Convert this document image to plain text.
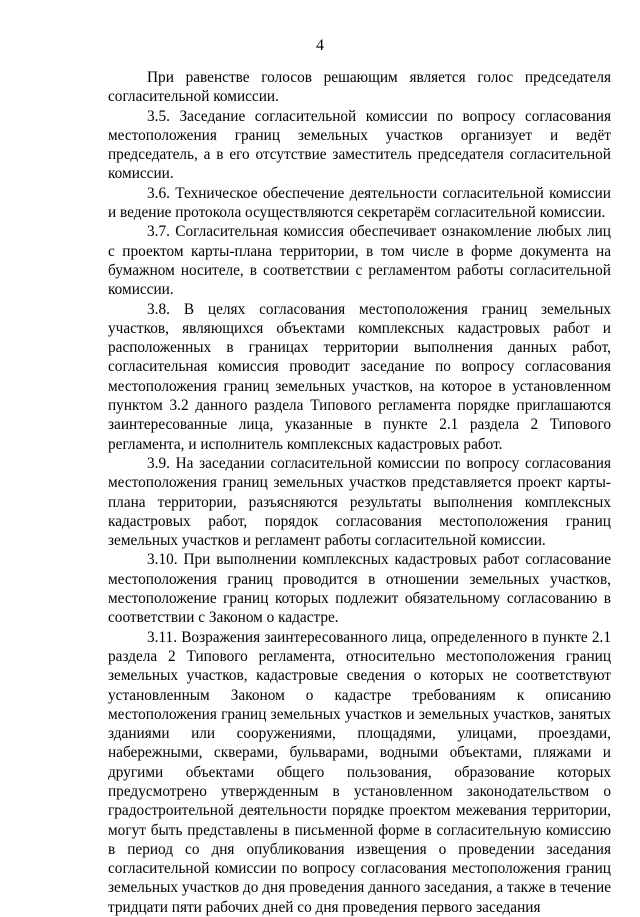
4

При равенстве голосов решающим является голос председателя согласительной комиссии.

3.5. Заседание согласительной комиссии по вопросу согласования местоположения границ земельных участков организует и ведёт председатель, а в его отсутствие заместитель председателя согласительной комиссии.

3.6. Техническое обеспечение деятельности согласительной комиссии и ведение протокола осуществляются секретарём согласительной комиссии.

3.7. Согласительная комиссия обеспечивает ознакомление любых лиц с проектом карты-плана территории, в том числе в форме документа на бумажном носителе, в соответствии с регламентом работы согласительной комиссии.

3.8. В целях согласования местоположения границ земельных участков, являющихся объектами комплексных кадастровых работ и расположенных в границах территории выполнения данных работ, согласительная комиссия проводит заседание по вопросу согласования местоположения границ земельных участков, на которое в установленном пунктом 3.2 данного раздела Типового регламента порядке приглашаются заинтересованные лица, указанные в пункте 2.1 раздела 2 Типового регламента, и исполнитель комплексных кадастровых работ.

3.9. На заседании согласительной комиссии по вопросу согласования местоположения границ земельных участков представляется проект карты-плана территории, разъясняются результаты выполнения комплексных кадастровых работ, порядок согласования местоположения границ земельных участков и регламент работы согласительной комиссии.

3.10. При выполнении комплексных кадастровых работ согласование местоположения границ проводится в отношении земельных участков, местоположение границ которых подлежит обязательному согласованию в соответствии с Законом о кадастре.

3.11. Возражения заинтересованного лица, определенного в пункте 2.1 раздела 2 Типового регламента, относительно местоположения границ земельных участков, кадастровые сведения о которых не соответствуют установленным Законом о кадастре требованиям к описанию местоположения границ земельных участков и земельных участков, занятых зданиями или сооружениями, площадями, улицами, проездами, набережными, скверами, бульварами, водными объектами, пляжами и другими объектами общего пользования, образование которых предусмотрено утвержденным в установленном законодательством о градостроительной деятельности порядке проектом межевания территории, могут быть представлены в письменной форме в согласительную комиссию в период со дня опубликования извещения о проведении заседания согласительной комиссии по вопросу согласования местоположения границ земельных участков до дня проведения данного заседания, а также в течение тридцати пяти рабочих дней со дня проведения первого заседания
